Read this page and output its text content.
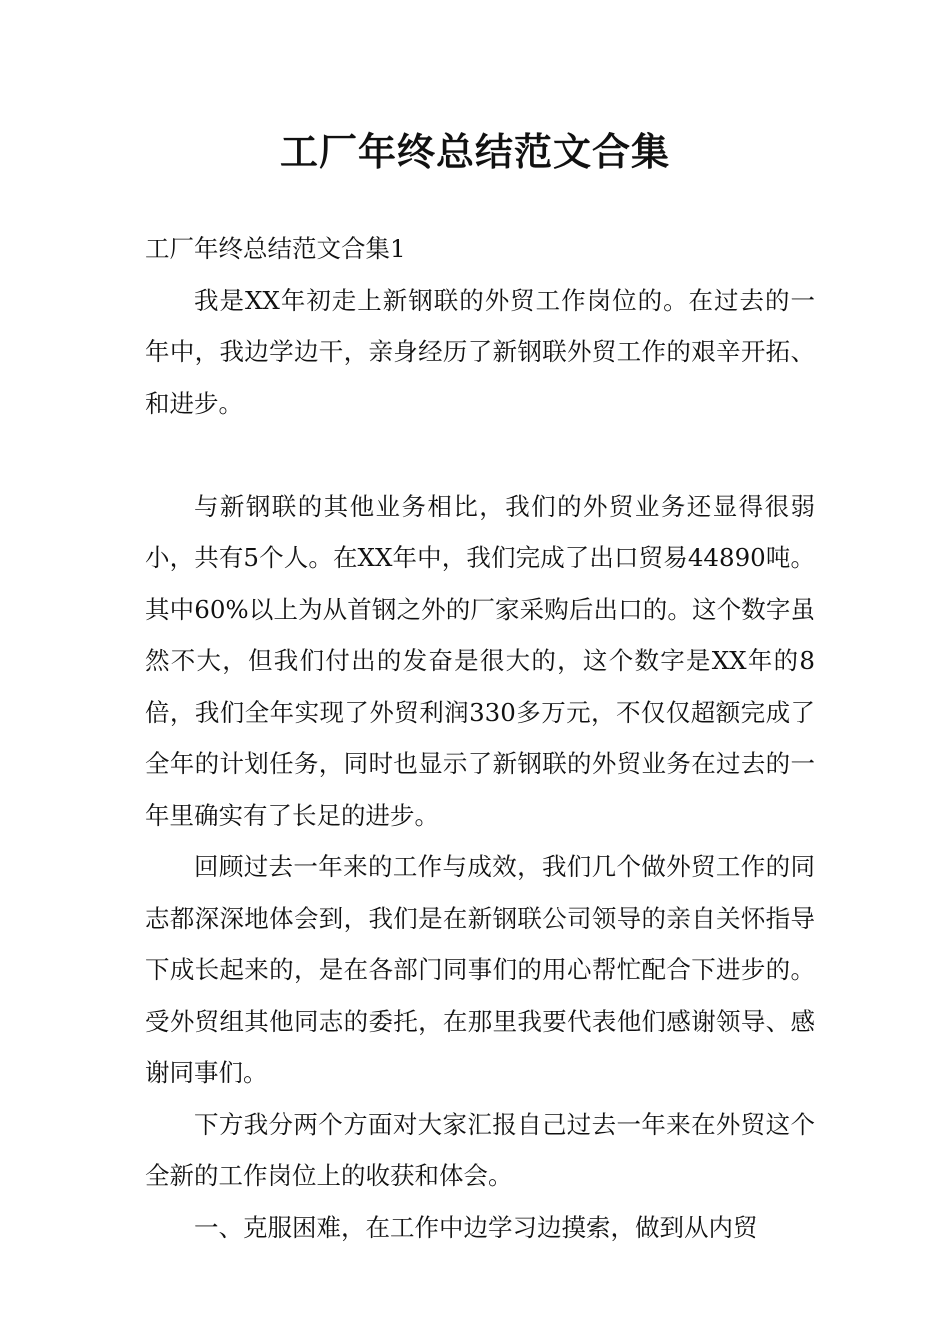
工厂年终总结范文合集

工厂年终总结范文合集1

我是XX年初走上新钢联的外贸工作岗位的。在过去的一年中，我边学边干，亲身经历了新钢联外贸工作的艰辛开拓、和进步。

与新钢联的其他业务相比，我们的外贸业务还显得很弱小，共有5个人。在XX年中，我们完成了出口贸易44890吨。其中60%以上为从首钢之外的厂家采购后出口的。这个数字虽然不大，但我们付出的发奋是很大的，这个数字是XX年的8倍，我们全年实现了外贸利润330多万元，不仅仅超额完成了全年的计划任务，同时也显示了新钢联的外贸业务在过去的一年里确实有了长足的进步。

回顾过去一年来的工作与成效，我们几个做外贸工作的同志都深深地体会到，我们是在新钢联公司领导的亲自关怀指导下成长起来的，是在各部门同事们的用心帮忙配合下进步的。受外贸组其他同志的委托，在那里我要代表他们感谢领导、感谢同事们。

下方我分两个方面对大家汇报自己过去一年来在外贸这个全新的工作岗位上的收获和体会。

一、克服困难，在工作中边学习边摸索，做到从内贸
